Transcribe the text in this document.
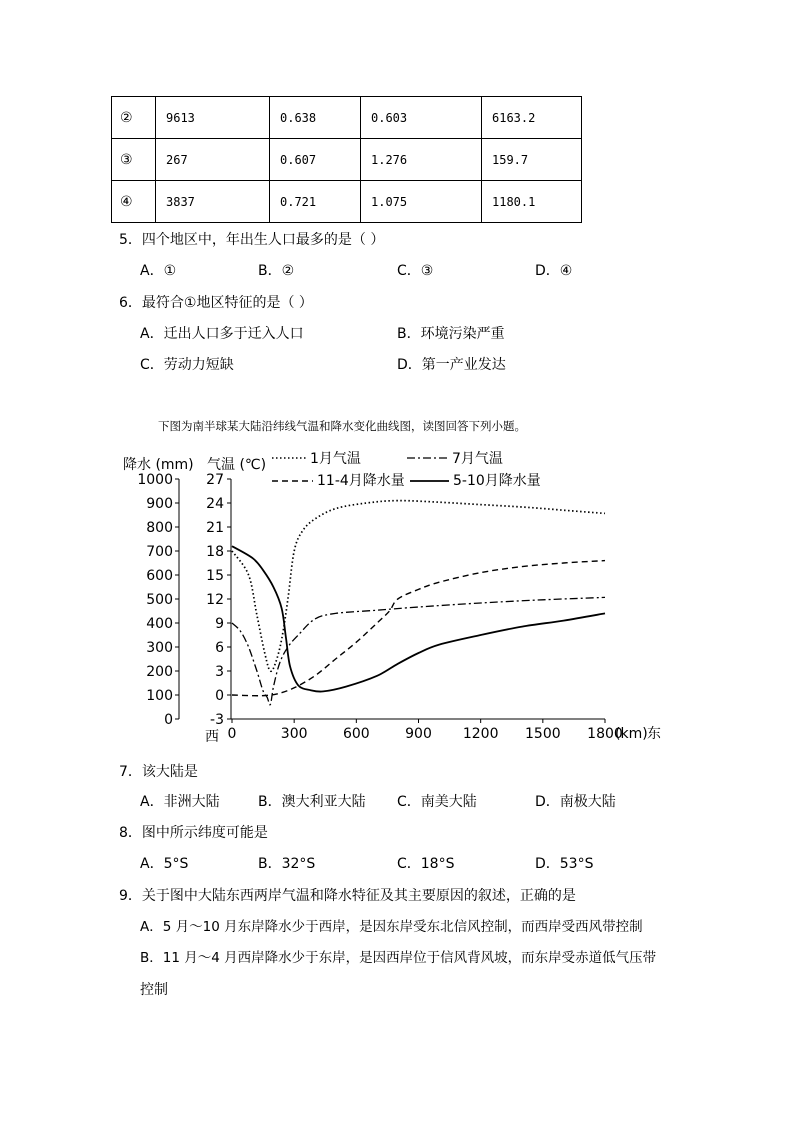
②	9613	0.638	0.603	6163.2
③	267	0.607	1.276	159.7
④	3837	0.721	1.075	1180.1
5．四个地区中，年出生人口最多的是（ ）
A．①	B．②	C．③	D．④
6．最符合①地区特征的是（ ）
A．迁出人口多于迁入人口	B．环境污染严重
C．劳动力短缺	D．第一产业发达
下图为南半球某大陆沿纬线气温和降水变化曲线图，读图回答下列小题。
0
100
200
300
400
500
600
700
800
900
1000
-3
0
3
6
9
12
15
18
21
24
27
0	300	600	900 1200 1500 1800
降水 (mm) 气温 (℃)
西	(km) 东
1月气温	7月气温
11-4月降水量	5-10月降水量
7．该大陆是
A．非洲大陆	B．澳大利亚大陆 C．南美大陆	D．南极大陆
8．图中所示纬度可能是
A．5°S	B．32°S	C．18°S	D．53°S
9．关于图中大陆东西两岸气温和降水特征及其主要原因的叙述，正确的是
A．5 月～10 月东岸降水少于西岸，是因东岸受东北信风控制，而西岸受西风带控制
B．11 月～4 月西岸降水少于东岸，是因西岸位于信风背风坡，而东岸受赤道低气压带
控制
